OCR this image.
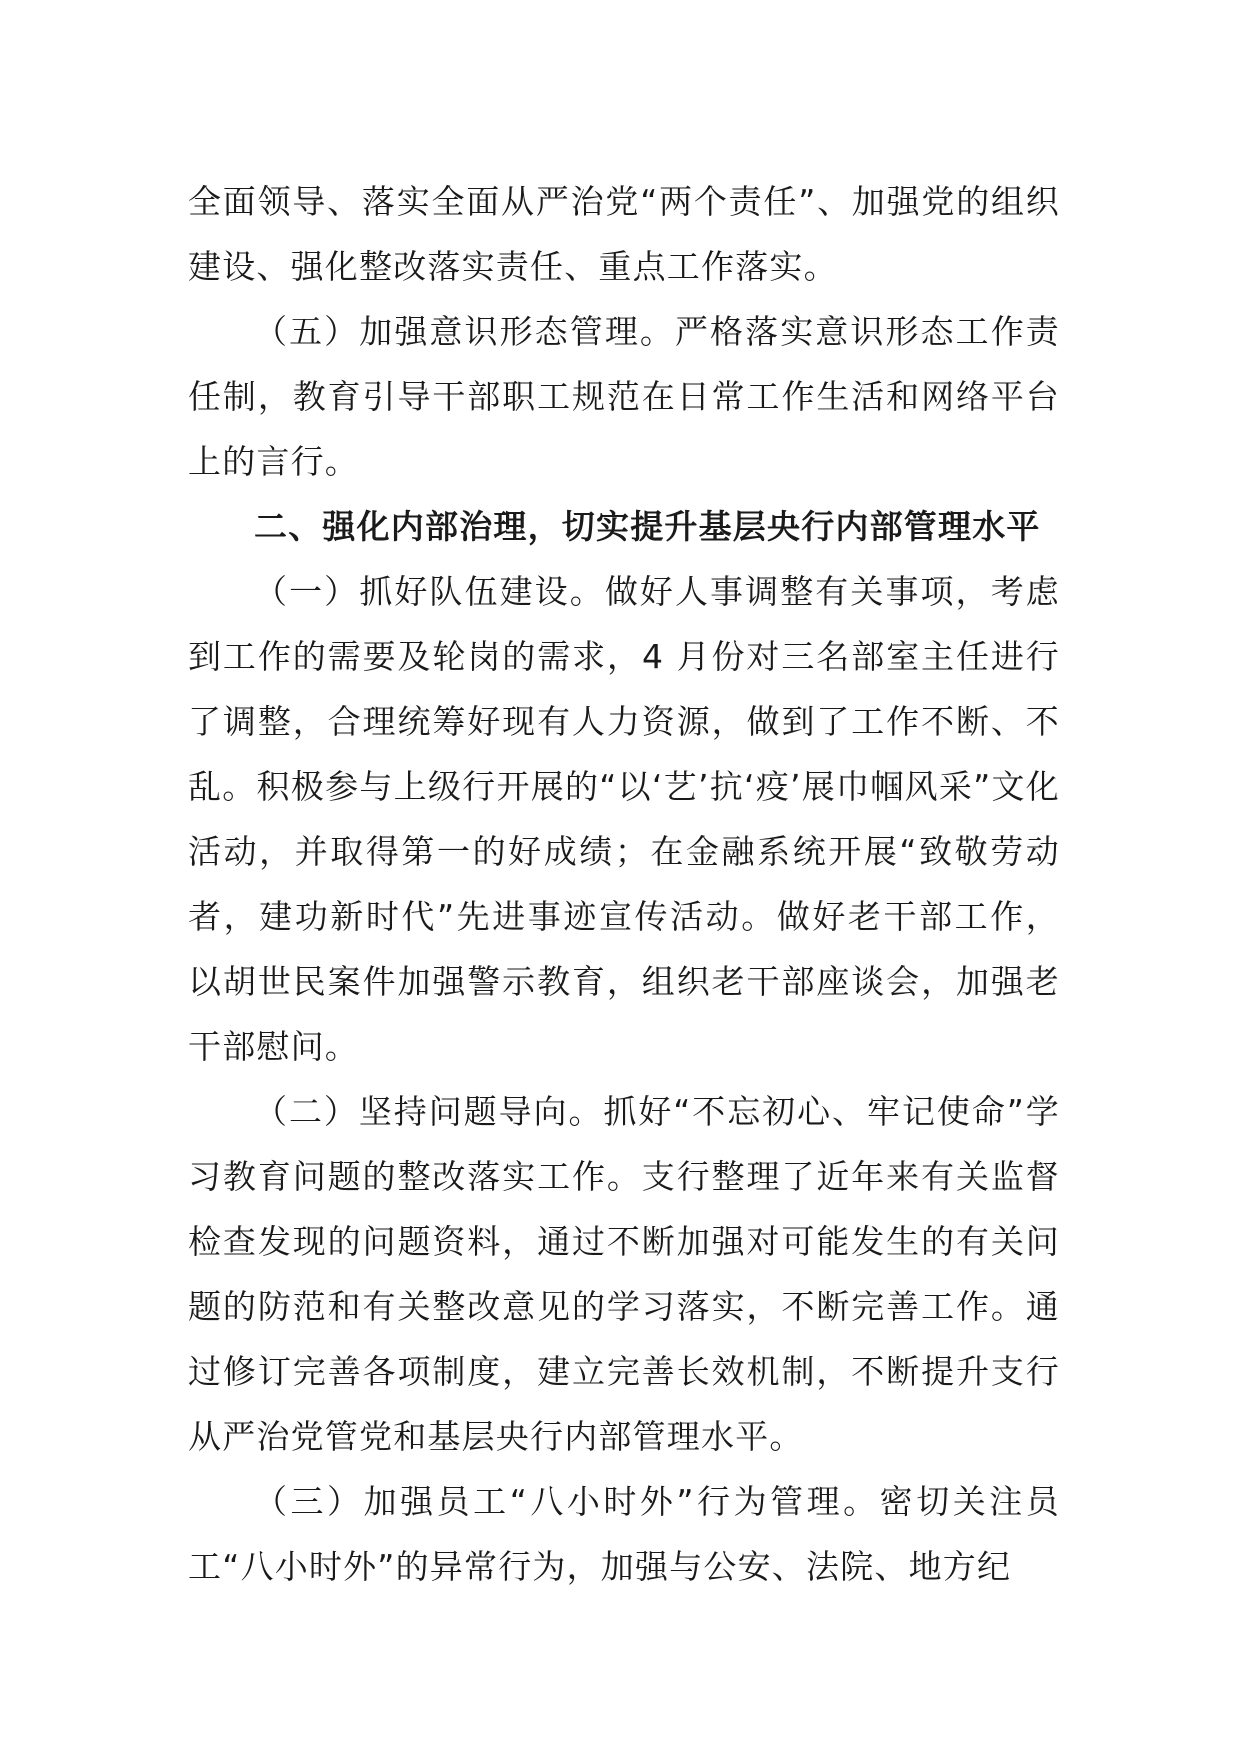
全面领导、落实全面从严治党“两个责任”、加强党的组织建设、强化整改落实责任、重点工作落实。

（五）加强意识形态管理。严格落实意识形态工作责任制，教育引导干部职工规范在日常工作生活和网络平台上的言行。

二、强化内部治理，切实提升基层央行内部管理水平

（一）抓好队伍建设。做好人事调整有关事项，考虑到工作的需要及轮岗的需求，4 月份对三名部室主任进行了调整，合理统筹好现有人力资源，做到了工作不断、不乱。积极参与上级行开展的“以‘艺’抗‘疫’展巾帼风采”文化活动，并取得第一的好成绩；在金融系统开展“致敬劳动者，建功新时代”先进事迹宣传活动。做好老干部工作，以胡世民案件加强警示教育，组织老干部座谈会，加强老干部慰问。

（二）坚持问题导向。抓好“不忘初心、牢记使命”学习教育问题的整改落实工作。支行整理了近年来有关监督检查发现的问题资料，通过不断加强对可能发生的有关问题的防范和有关整改意见的学习落实，不断完善工作。通过修订完善各项制度，建立完善长效机制，不断提升支行从严治党管党和基层央行内部管理水平。

（三）加强员工“八小时外”行为管理。密切关注员工“八小时外”的异常行为，加强与公安、法院、地方纪
